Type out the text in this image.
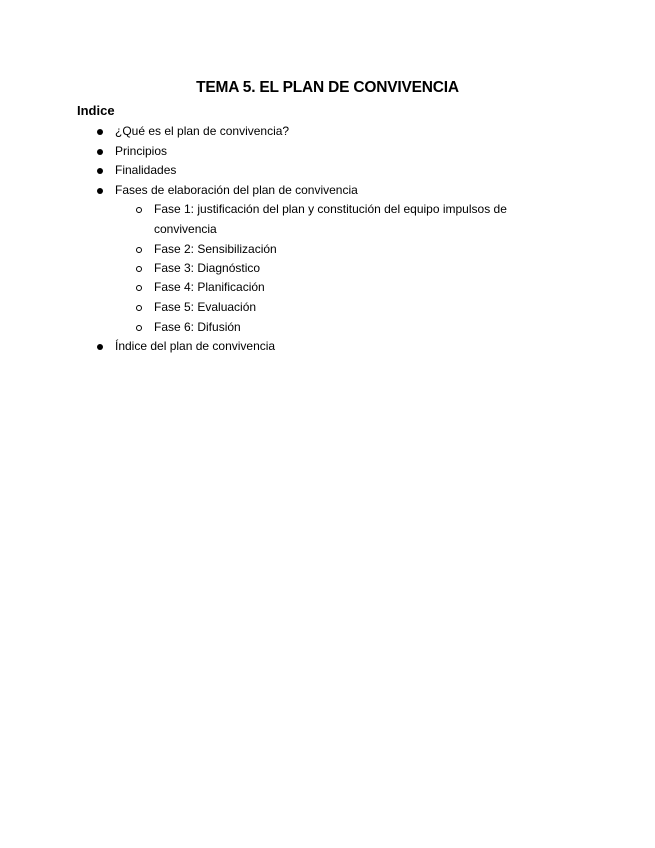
TEMA 5. EL PLAN DE CONVIVENCIA
Indice
¿Qué es el plan de convivencia?
Principios
Finalidades
Fases de elaboración del plan de convivencia
Fase 1: justificación del plan y constitución del equipo impulsos de convivencia
Fase 2: Sensibilización
Fase 3: Diagnóstico
Fase 4: Planificación
Fase 5: Evaluación
Fase 6: Difusión
Índice del plan de convivencia
